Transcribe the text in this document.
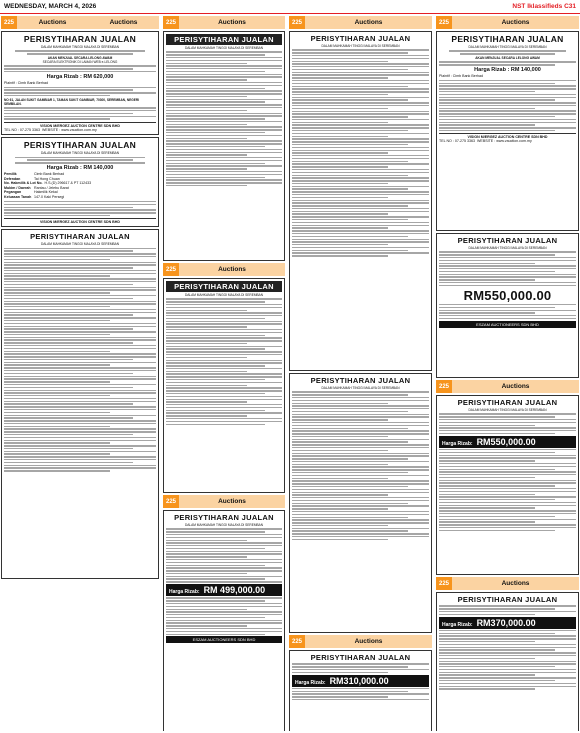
WEDNESDAY, MARCH 4, 2026	NST Iklassifieds C31
225	Auctions	Auctions
PERISYTIHARAN JUALAN
DALAM MAHKAMAH TINGGI MALAYA DI SEREMBAN
AKAN MENJUAL SECARA LELONG AWAM
SECARA ELEKTRONIK DI LAMAN WEB e-LELONG
Harga Rizab : RM 620,000
Plaintif : Cimb Bank Berhad
NO 61, JALAN SUKIT GAMBIAR 1, TAMAN SUKIT GAMBIAR, 70300, SEREMBAN, NEGERI SEMBILAN.
VISION M/ERGEZ AUCTION CENTRE SDN BHD
TEL NO : 07-275 3363 WEBSITE : www.vauction.com.my
PERISYTIHARAN JUALAN
DALAM MAHKAMAH TINGGI MALAYA DI SEREMBAN
Harga Rizab : RM 140,000
Pemilik	Cimb Bank Berhad
Defendan	Tai Hong Chuan
No. Hakmilik & Lot No. H.S.(D) 296617 & PT 112433
Mukim / Daerah Rantau / Jelebu Barat
Pegangan	Hakmilik Kekal
Keluasan Tanah 147.0 Kaki Persegi
VISION M/ERGEZ AUCTION CENTRE SDN BHD
PERISYTIHARAN JUALAN
DALAM MAHKAMAH TINGGI MALAYA DI SEREMBAN
225	Auctions
PERISYTIHARAN JUALAN
DALAM MAHKAMAH TINGGI MALAYA DI SEREMBAN
225	Auctions
PERISYTIHARAN JUALAN
DALAM MAHKAMAH TINGGI MALAYA DI SEREMBAN
225	Auctions
PERISYTIHARAN JUALAN
DALAM MAHKAMAH TINGGI MALAYA DI SEREMBAN
Harga Rizab: RM 499,000.00
ESZAM AUCTIONEERS SDN BHD
225	Auctions
PERISYTIHARAN JUALAN
DALAM MAHKAMAH TINGGI MALAYA DI SEREMBAN
PERISYTIHARAN JUALAN
DALAM MAHKAMAH TINGGI MALAYA DI SEREMBAN
225	Auctions
PERISYTIHARAN JUALAN
Harga Rizab: RM310,000.00
225	Auctions
PERISYTIHARAN JUALAN
DALAM MAHKAMAH TINGGI MALAYA DI SEREMBAN
AKAN MENJUAL SECARA LELONG AWAM
Harga Rizab : RM 140,000
Plaintif : Cimb Bank Berhad
VISION M/ERGEZ AUCTION CENTRE SDN BHD
TEL NO : 07-275 3363 WEBSITE : www.vauction.com.my
PERISYTIHARAN JUALAN
DALAM MAHKAMAH TINGGI MALAYA DI SEREMBAN
RM550,000.00
ESZAM AUCTIONEERS SDN BHD
225	Auctions
PERISYTIHARAN JUALAN
DALAM MAHKAMAH TINGGI MALAYA DI SEREMBAN
Harga Rizab: RM550,000.00
225	Auctions
PERISYTIHARAN JUALAN
Harga Rizab: RM370,000.00
